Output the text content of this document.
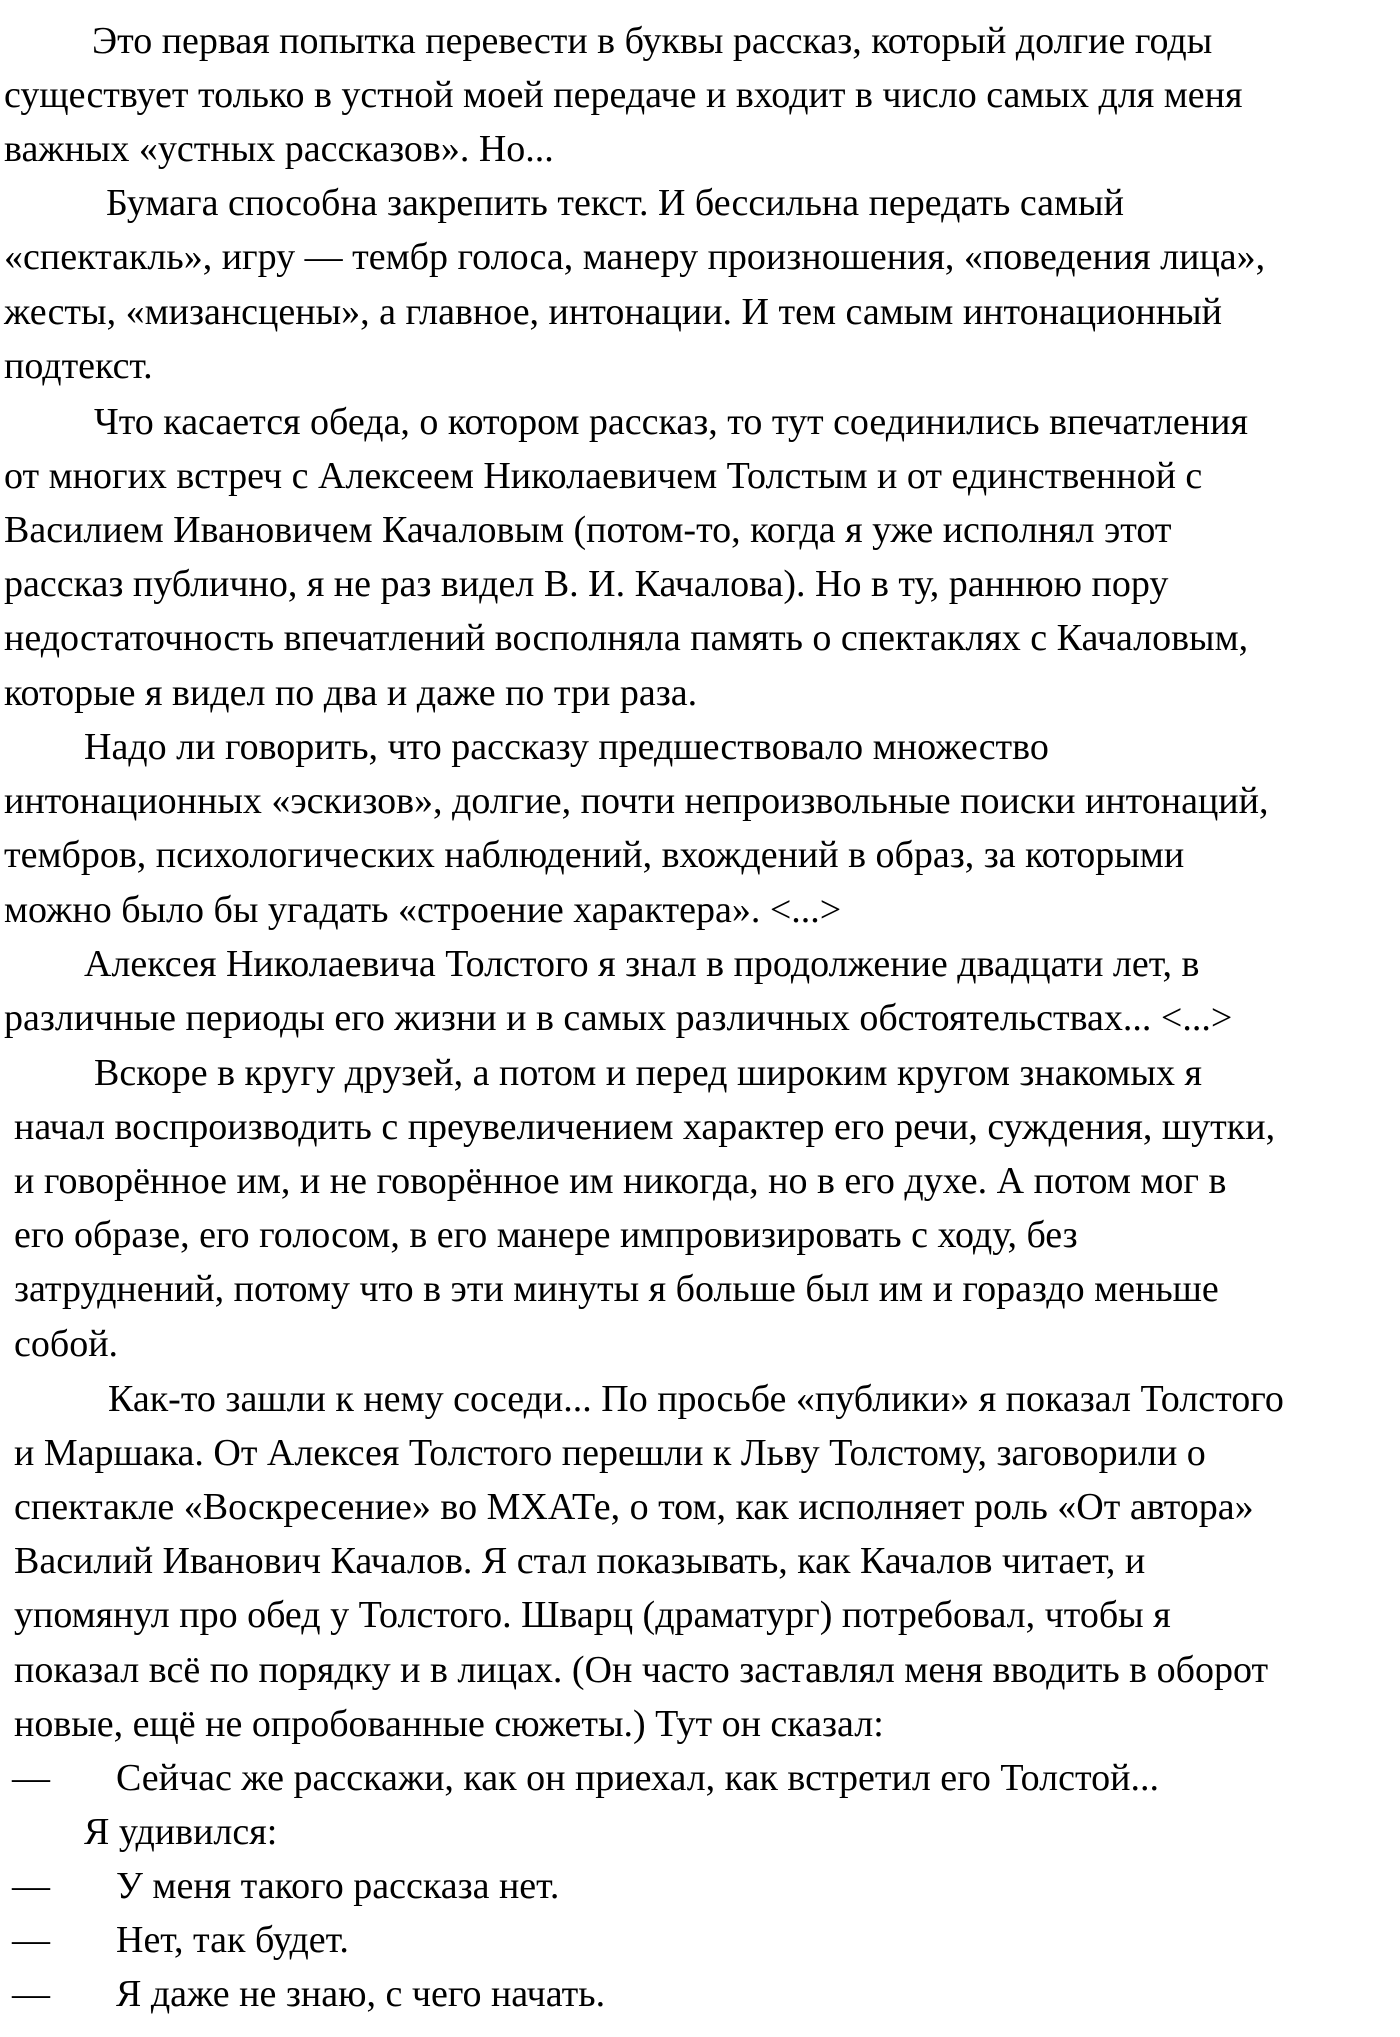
Это первая попытка перевести в буквы рассказ, который долгие годы
существует только в устной моей передаче и входит в число самых для меня
важных «устных рассказов». Но...
Бумага способна закрепить текст. И бессильна передать самый
«спектакль», игру — тембр голоса, манеру произношения, «поведения лица»,
жесты, «мизансцены», а главное, интонации. И тем самым интонационный
подтекст.
Что касается обеда, о котором рассказ, то тут соединились впечатления
от многих встреч с Алексеем Николаевичем Толстым и от единственной с
Василием Ивановичем Качаловым (потом-то, когда я уже исполнял этот
рассказ публично, я не раз видел В. И. Качалова). Но в ту, раннюю пору
недостаточность впечатлений восполняла память о спектаклях с Качаловым,
которые я видел по два и даже по три раза.
Надо ли говорить, что рассказу предшествовало множество
интонационных «эскизов», долгие, почти непроизвольные поиски интонаций,
тембров, психологических наблюдений, вхождений в образ, за которыми
можно было бы угадать «строение характера». <...>
Алексея Николаевича Толстого я знал в продолжение двадцати лет, в
различные периоды его жизни и в самых различных обстоятельствах... <...>
Вскоре в кругу друзей, а потом и перед широким кругом знакомых я
начал воспроизводить с преувеличением характер его речи, суждения, шутки,
и говорённое им, и не говорённое им никогда, но в его духе. А потом мог в
его образе, его голосом, в его манере импровизировать с ходу, без
затруднений, потому что в эти минуты я больше был им и гораздо меньше
собой.
Как-то зашли к нему соседи... По просьбе «публики» я показал Толстого
и Маршака. От Алексея Толстого перешли к Льву Толстому, заговорили о
спектакле «Воскресение» во МХАТе, о том, как исполняет роль «От автора»
Василий Иванович Качалов. Я стал показывать, как Качалов читает, и
упомянул про обед у Толстого. Шварц (драматург) потребовал, чтобы я
показал всё по порядку и в лицах. (Он часто заставлял меня вводить в оборот
новые, ещё не опробованные сюжеты.) Тут он сказал:
— Сейчас же расскажи, как он приехал, как встретил его Толстой...
Я удивился:
— У меня такого рассказа нет.
— Нет, так будет.
— Я даже не знаю, с чего начать.
